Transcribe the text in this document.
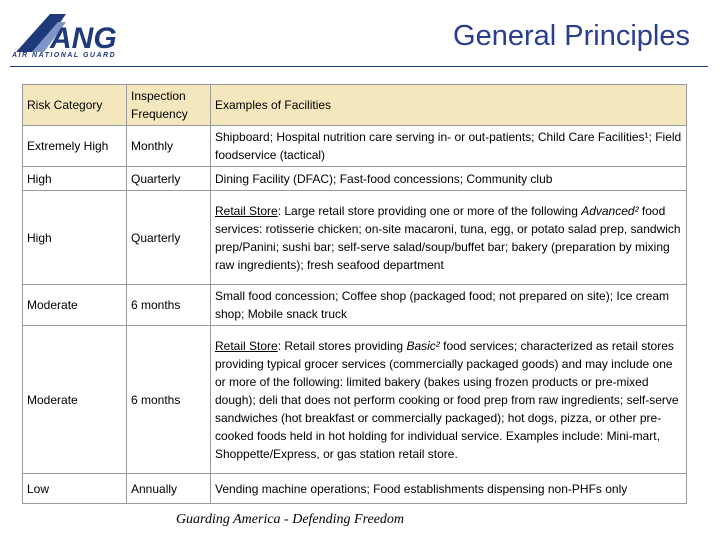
ANG
AIR NATIONAL GUARD
General Principles
Risk Category	Inspection Frequency	Examples of Facilities
Extremely High	Monthly	Shipboard; Hospital nutrition care serving in- or out-patients; Child Care Facilities¹; Field foodservice (tactical)
High	Quarterly	Dining Facility (DFAC); Fast-food concessions; Community club
High	Quarterly	Retail Store: Large retail store providing one or more of the following Advanced² food services: rotisserie chicken; on-site macaroni, tuna, egg, or potato salad prep, sandwich prep/Panini; sushi bar; self-serve salad/soup/buffet bar; bakery (preparation by mixing raw ingredients); fresh seafood department
Moderate	6 months	Small food concession; Coffee shop (packaged food; not prepared on site); Ice cream shop; Mobile snack truck
Moderate	6 months	Retail Store: Retail stores providing Basic² food services; characterized as retail stores providing typical grocer services (commercially packaged goods) and may include one or more of the following: limited bakery (bakes using frozen products or pre-mixed dough); deli that does not perform cooking or food prep from raw ingredients; self-serve sandwiches (hot breakfast or commercially packaged); hot dogs, pizza, or other pre-cooked foods held in hot holding for individual service. Examples include: Mini-mart, Shoppette/Express, or gas station retail store.
Low	Annually	Vending machine operations; Food establishments dispensing non-PHFs only
Guarding America - Defending Freedom
